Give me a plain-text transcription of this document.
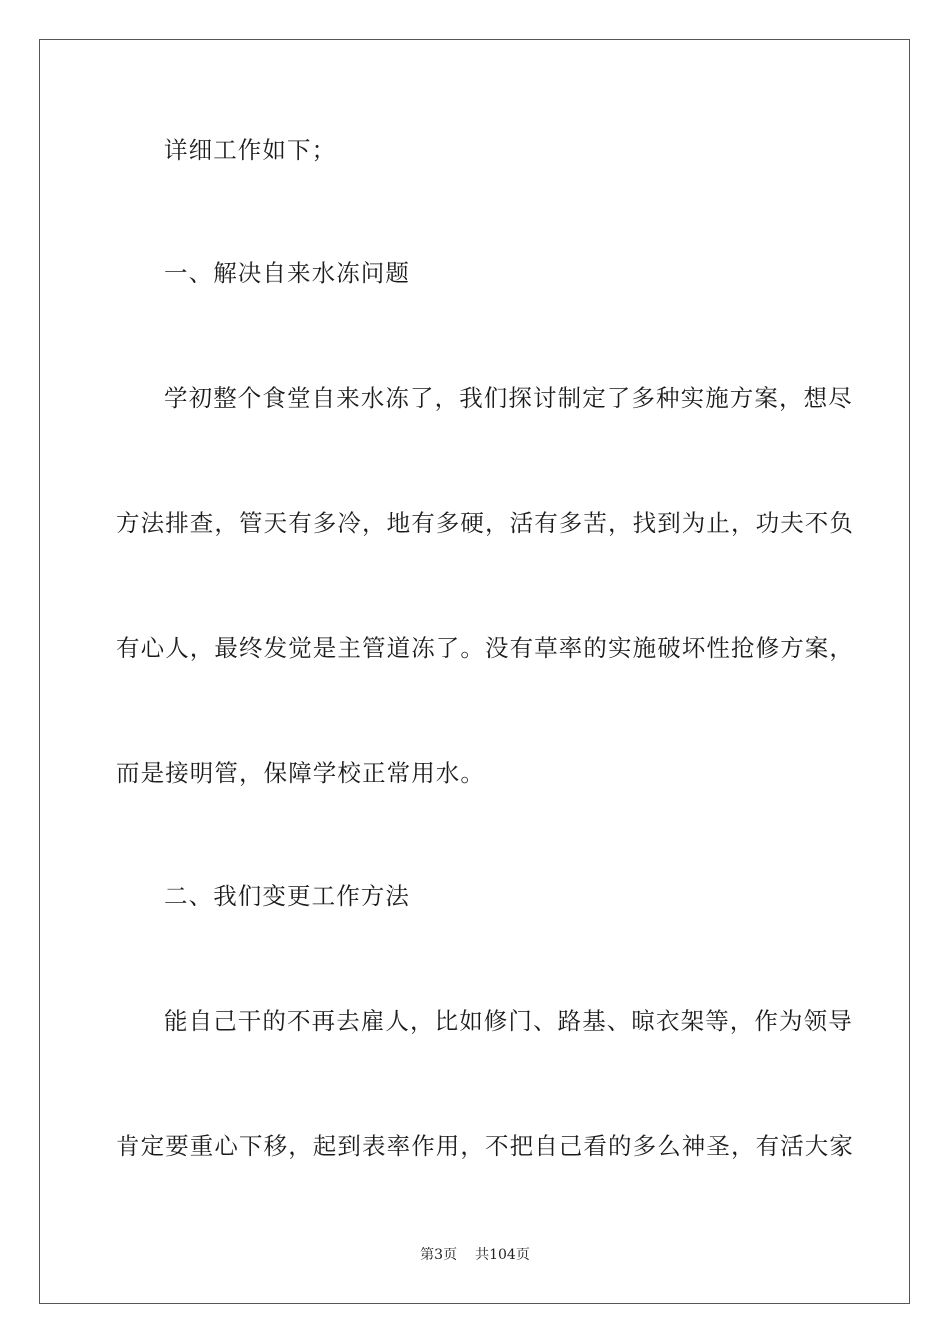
详细工作如下；
一、解决自来水冻问题
学初整个食堂自来水冻了，我们探讨制定了多种实施方案，想尽
方法排查，管天有多冷，地有多硬，活有多苦，找到为止，功夫不负
有心人，最终发觉是主管道冻了。没有草率的实施破坏性抢修方案，
而是接明管，保障学校正常用水。
二、我们变更工作方法
能自己干的不再去雇人，比如修门、路基、晾衣架等，作为领导
肯定要重心下移，起到表率作用，不把自己看的多么神圣，有活大家
第3页 共104页
